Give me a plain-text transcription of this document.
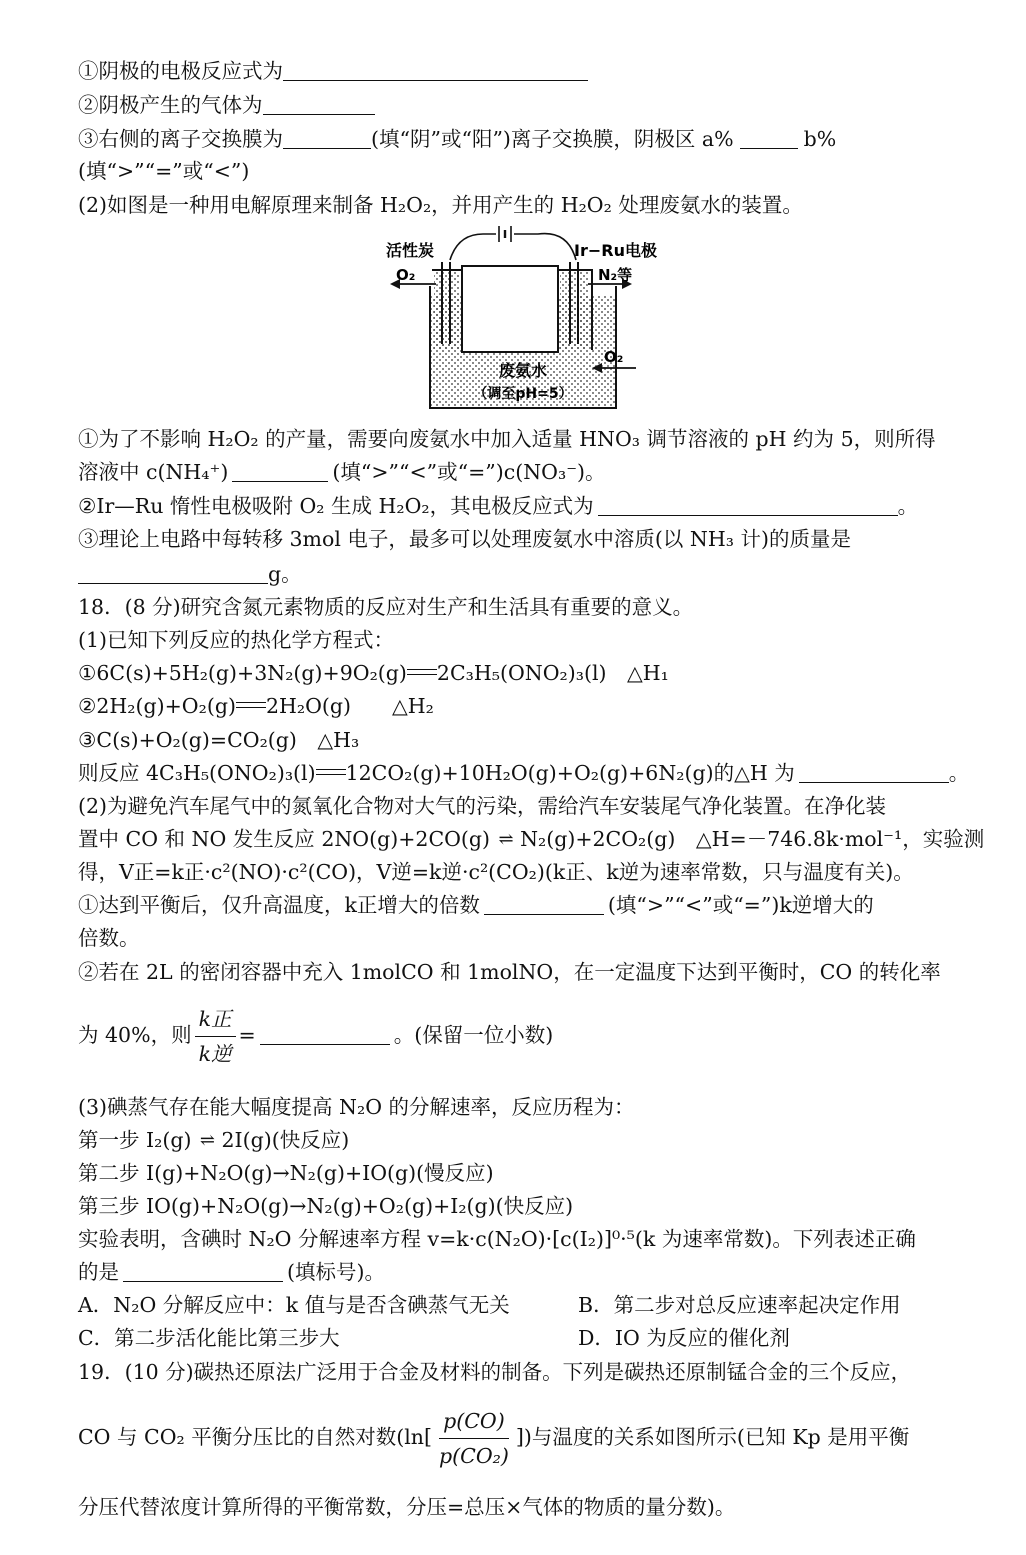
①阴极的电极反应式为
②阴极产生的气体为
③右侧的离子交换膜为	(填“阴”或“阳”)离子交换膜，阴极区 a%	b%
(填“>”“=”或“<”)
(2)如图是一种用电解原理来制备 H₂O₂，并用产生的 H₂O₂ 处理废氨水的装置。
活性炭	Ir−Ru电极
O₂	N₂等
O₂
废氨水
（调至pH=5）
①为了不影响 H₂O₂ 的产量，需要向废氨水中加入适量 HNO₃ 调节溶液的 pH 约为 5，则所得
溶液中 c(NH₄⁺)	(填“>”“<”或“=”)c(NO₃⁻)。
②Ir—Ru 惰性电极吸附 O₂ 生成 H₂O₂，其电极反应式为	。
③理论上电路中每转移 3mol 电子，最多可以处理废氨水中溶质(以 NH₃ 计)的质量是
g。
18．(8 分)研究含氮元素物质的反应对生产和生活具有重要的意义。
(1)已知下列反应的热化学方程式：
①6C(s)+5H₂(g)+3N₂(g)+9O₂(g) 2C₃H₅(ONO₂)₃(l)　△H₁
②2H₂(g)+O₂(g) 2H₂O(g)　　△H₂
③C(s)+O₂(g)=CO₂(g)　△H₃
则反应 4C₃H₅(ONO₂)₃(l) 12CO₂(g)+10H₂O(g)+O₂(g)+6N₂(g)的△H 为	。
(2)为避免汽车尾气中的氮氧化合物对大气的污染，需给汽车安装尾气净化装置。在净化装
置中 CO 和 NO 发生反应 2NO(g)+2CO(g) ⇌ N₂(g)+2CO₂(g)　△H=－746.8k·mol⁻¹，实验测
得，V正=k正·c²(NO)·c²(CO)，V逆=k逆·c²(CO₂)(k正、k逆为速率常数，只与温度有关)。
①达到平衡后，仅升高温度，k正增大的倍数	(填“>”“<”或“=”)k逆增大的
倍数。
②若在 2L 的密闭容器中充入 1molCO 和 1molNO，在一定温度下达到平衡时，CO 的转化率
为 40%，则 $\frac{\text{k正}}{\text{k逆}}$ =	。(保留一位小数)
(3)碘蒸气存在能大幅度提高 N₂O 的分解速率，反应历程为：
第一步 I₂(g) ⇌ 2I(g)(快反应)
第二步 I(g)+N₂O(g)→N₂(g)+IO(g)(慢反应)
第三步 IO(g)+N₂O(g)→N₂(g)+O₂(g)+I₂(g)(快反应)
实验表明，含碘时 N₂O 分解速率方程 v=k·c(N₂O)·[c(I₂)]⁰·⁵(k 为速率常数)。下列表述正确
的是	(填标号)。
A．N₂O 分解反应中：k 值与是否含碘蒸气无关	B．第二步对总反应速率起决定作用
C．第二步活化能比第三步大	D．IO 为反应的催化剂
19．(10 分)碳热还原法广泛用于合金及材料的制备。下列是碳热还原制锰合金的三个反应，
CO 与 CO₂ 平衡分压比的自然对数($\ln[ \frac{p(CO)}{\text{p(CO₂)}}$ ])与温度的关系如图所示(已知 Kp 是用平衡
分压代替浓度计算所得的平衡常数，分压=总压×气体的物质的量分数)。
